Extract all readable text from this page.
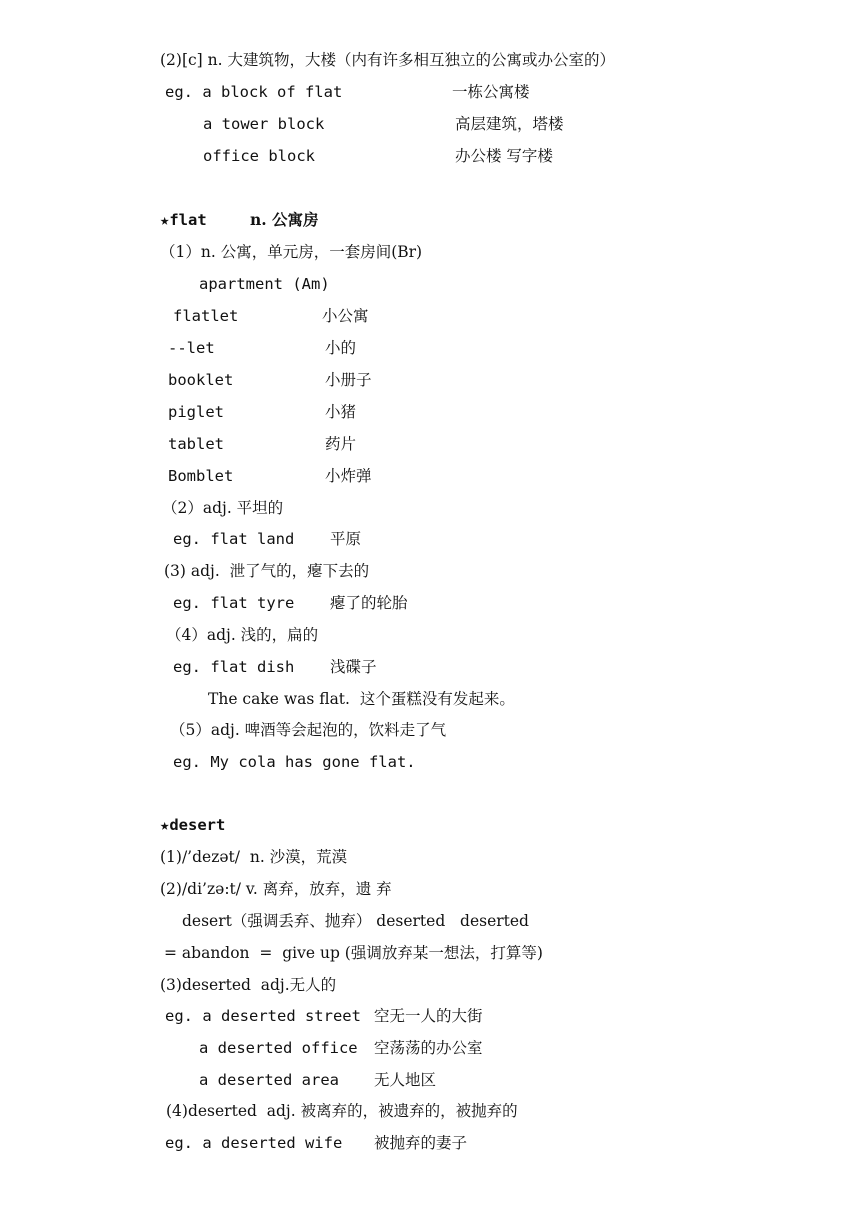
(2)[c] n. 大建筑物，大楼（内有许多相互独立的公寓或办公室的）
eg. a block of flat	一栋公寓楼
a tower block	高层建筑，塔楼
office block	办公楼 写字楼
★flat	n. 公寓房
（1）n. 公寓，单元房，一套房间(Br)
apartment (Am)
flatlet	小公寓
--let	小的
booklet	小册子
piglet	小猪
tablet	药片
Bomblet	小炸弹
（2）adj. 平坦的
eg. flat land 平原
(3) adj.  泄了气的，瘪下去的
eg. flat tyre 瘪了的轮胎
（4）adj. 浅的，扁的
eg. flat dish 浅碟子
The cake was flat.  这个蛋糕没有发起来。
（5）adj. 啤酒等会起泡的，饮料走了气
eg. My cola has gone flat.
★desert
(1)/’dezət/  n. 沙漠，荒漠
(2)/di’zə:t/ v. 离弃，放弃，遗 弃
desert（强调丢弃、抛弃） deserted   deserted
= abandon  =  give up (强调放弃某一想法，打算等)
(3)deserted  adj.无人的
eg. a deserted street 空无一人的大街
a deserted office 空荡荡的办公室
a deserted area 无人地区
(4)deserted  adj. 被离弃的，被遗弃的，被抛弃的
eg. a deserted wife 被抛弃的妻子
